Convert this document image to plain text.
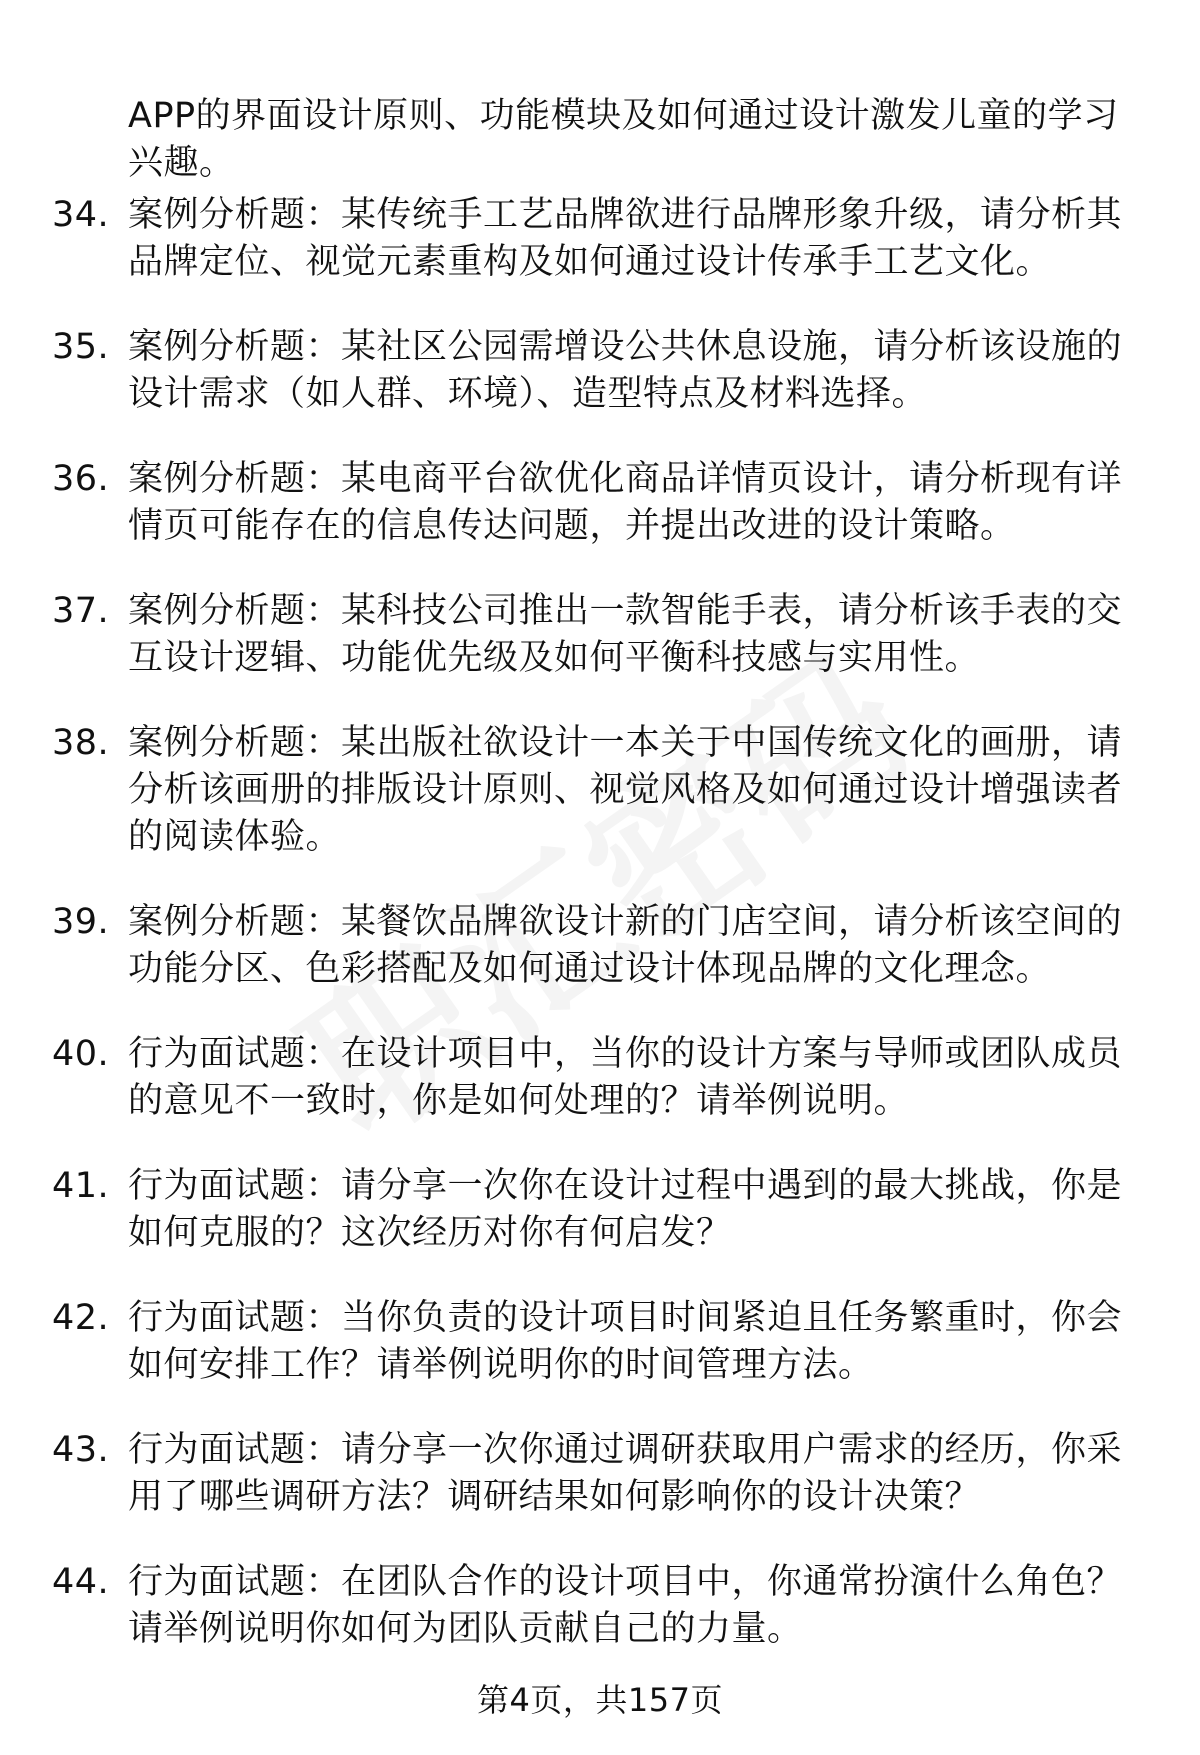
APP的界面设计原则、功能模块及如何通过设计激发儿童的学习兴趣。

34. 案例分析题：某传统手工艺品牌欲进行品牌形象升级，请分析其品牌定位、视觉元素重构及如何通过设计传承手工艺文化。
35. 案例分析题：某社区公园需增设公共休息设施，请分析该设施的设计需求（如人群、环境）、造型特点及材料选择。
36. 案例分析题：某电商平台欲优化商品详情页设计，请分析现有详情页可能存在的信息传达问题，并提出改进的设计策略。
37. 案例分析题：某科技公司推出一款智能手表，请分析该手表的交互设计逻辑、功能优先级及如何平衡科技感与实用性。
38. 案例分析题：某出版社欲设计一本关于中国传统文化的画册，请分析该画册的排版设计原则、视觉风格及如何通过设计增强读者的阅读体验。
39. 案例分析题：某餐饮品牌欲设计新的门店空间，请分析该空间的功能分区、色彩搭配及如何通过设计体现品牌的文化理念。
40. 行为面试题：在设计项目中，当你的设计方案与导师或团队成员的意见不一致时，你是如何处理的？请举例说明。
41. 行为面试题：请分享一次你在设计过程中遇到的最大挑战，你是如何克服的？这次经历对你有何启发？
42. 行为面试题：当你负责的设计项目时间紧迫且任务繁重时，你会如何安排工作？请举例说明你的时间管理方法。
43. 行为面试题：请分享一次你通过调研获取用户需求的经历，你采用了哪些调研方法？调研结果如何影响你的设计决策？
44. 行为面试题：在团队合作的设计项目中，你通常扮演什么角色？请举例说明你如何为团队贡献自己的力量。
第4页，共157页
